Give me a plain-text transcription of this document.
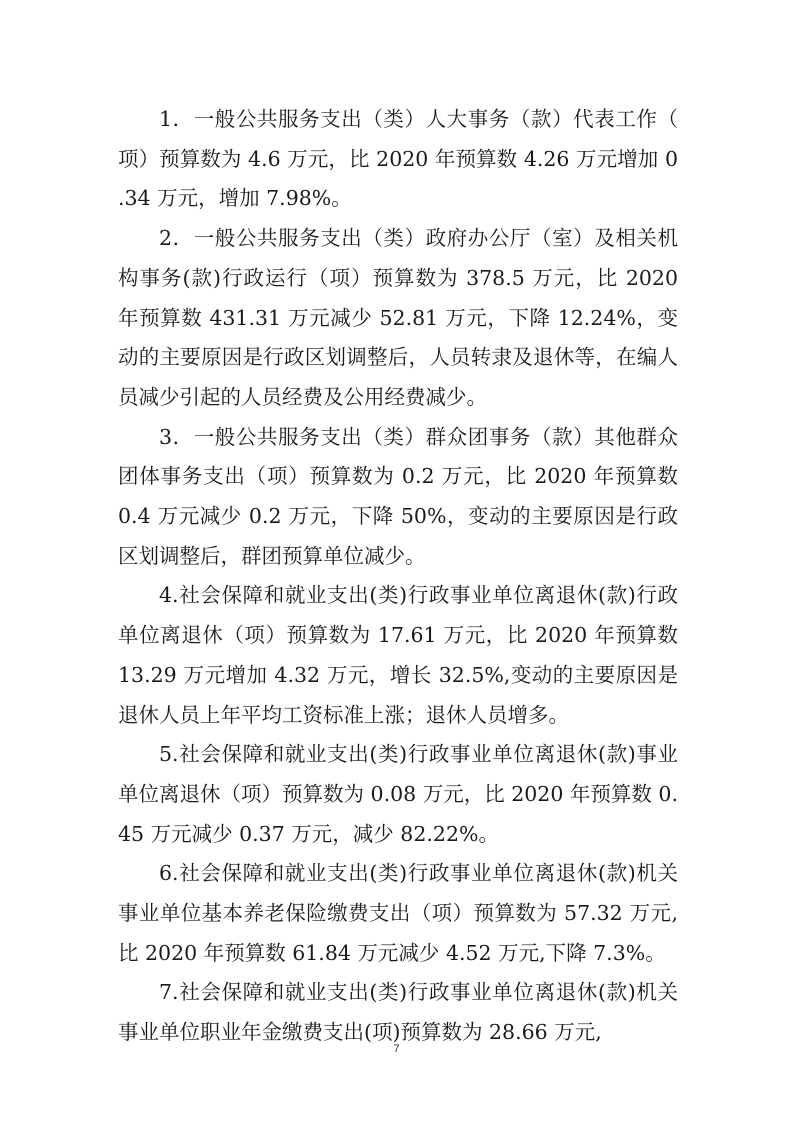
1．一般公共服务支出（类）人大事务（款）代表工作（项）预算数为 4.6 万元，比 2020 年预算数 4.26 万元增加 0.34 万元，增加 7.98%。

2．一般公共服务支出（类）政府办公厅（室）及相关机构事务(款)行政运行（项）预算数为 378.5 万元，比 2020 年预算数 431.31 万元减少 52.81 万元，下降 12.24%，变动的主要原因是行政区划调整后，人员转隶及退休等，在编人员减少引起的人员经费及公用经费减少。

3．一般公共服务支出（类）群众团事务（款）其他群众团体事务支出（项）预算数为 0.2 万元，比 2020 年预算数 0.4 万元减少 0.2 万元，下降 50%，变动的主要原因是行政区划调整后，群团预算单位减少。

4.社会保障和就业支出(类)行政事业单位离退休(款)行政单位离退休（项）预算数为 17.61 万元，比 2020 年预算数 13.29 万元增加 4.32 万元，增长 32.5%,变动的主要原因是退休人员上年平均工资标准上涨；退休人员增多。

5.社会保障和就业支出(类)行政事业单位离退休(款)事业单位离退休（项）预算数为 0.08 万元，比 2020 年预算数 0.45 万元减少 0.37 万元，减少 82.22%。

6.社会保障和就业支出(类)行政事业单位离退休(款)机关事业单位基本养老保险缴费支出（项）预算数为 57.32 万元,比 2020 年预算数 61.84 万元减少 4.52 万元,下降 7.3%。

7.社会保障和就业支出(类)行政事业单位离退休(款)机关事业单位职业年金缴费支出(项)预算数为 28.66 万元,

7
